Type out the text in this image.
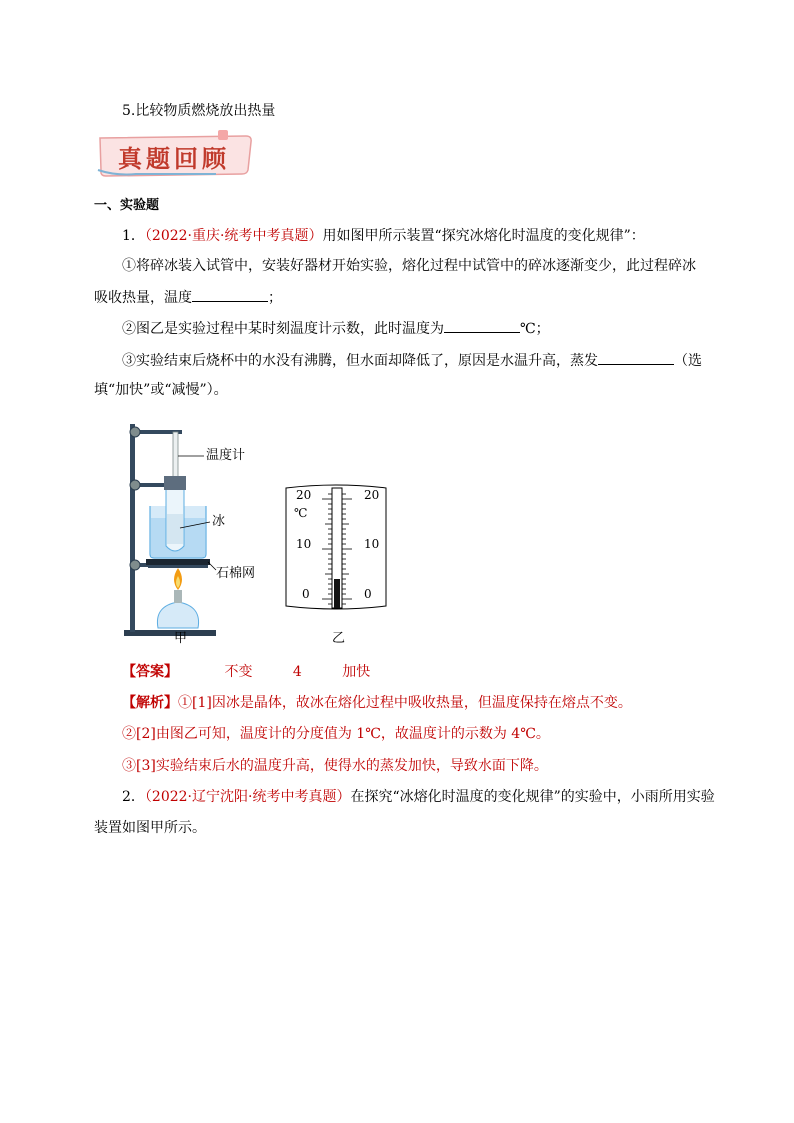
5.比较物质燃烧放出热量
真题回顾
一、实验题
1．（2022·重庆·统考中考真题）用如图甲所示装置“探究冰熔化时温度的变化规律”：
①将碎冰装入试管中，安装好器材开始实验，熔化过程中试管中的碎冰逐渐变少，此过程碎冰
吸收热量，温度	；
②图乙是实验过程中某时刻温度计示数，此时温度为	℃；
③实验结束后烧杯中的水没有沸腾，但水面却降低了，原因是水温升高，蒸发	（选
填“加快”或“减慢”）。
温度计
冰
石棉网
甲
20
℃
10
0
20
10
0
乙
【答案】	不变	4	加快
【解析】①[1]因冰是晶体，故冰在熔化过程中吸收热量，但温度保持在熔点不变。
②[2]由图乙可知，温度计的分度值为 1℃，故温度计的示数为 4℃。
③[3]实验结束后水的温度升高，使得水的蒸发加快，导致水面下降。
2．（2022·辽宁沈阳·统考中考真题）在探究“冰熔化时温度的变化规律”的实验中，小雨所用实验
装置如图甲所示。
